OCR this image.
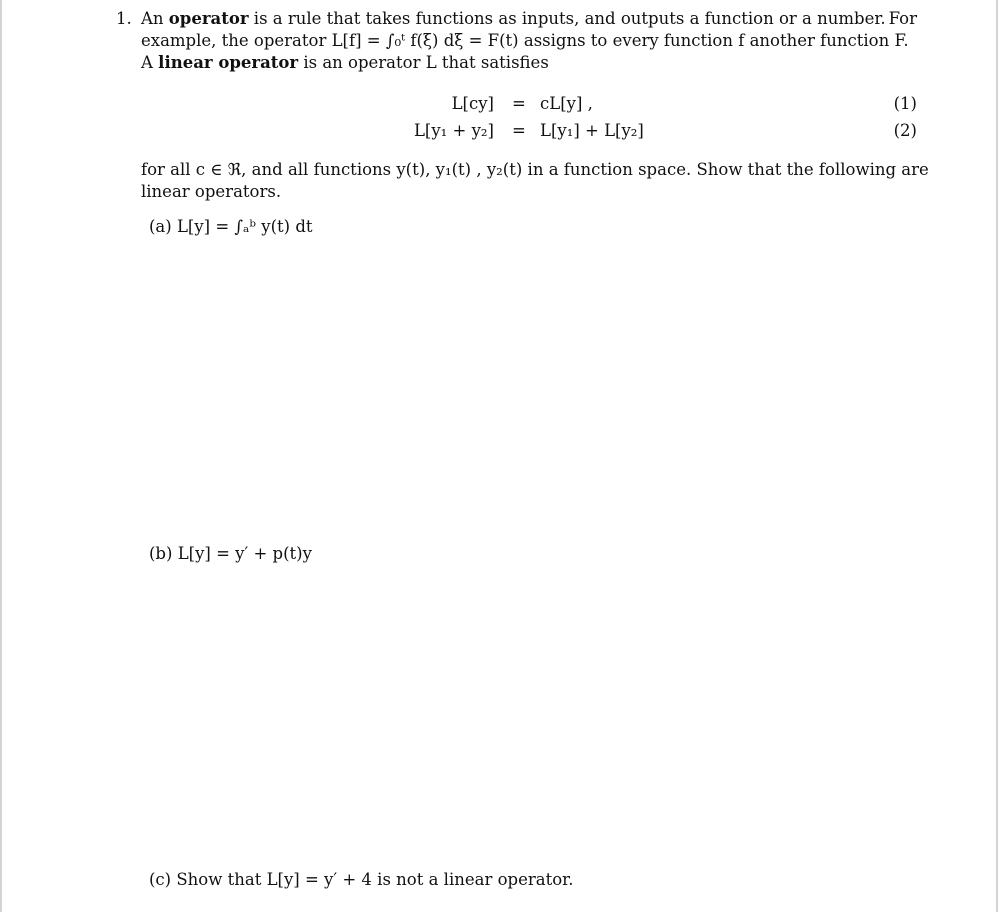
1. An operator is a rule that takes functions as inputs, and outputs a function or a number. For
example, the operator L[f] = ∫₀ᵗ f(ξ) dξ = F(t) assigns to every function f another function F.
A linear operator is an operator L that satisfies
L[cy] = cL[y] ,	(1)
L[y₁ + y₂] = L[y₁] + L[y₂]	(2)
for all c ∈ ℜ, and all functions y(t), y₁(t) , y₂(t) in a function space. Show that the following are
linear operators.
(a) L[y] = ∫ₐᵇ y(t) dt
(b) L[y] = y′ + p(t)y
(c) Show that L[y] = y′ + 4 is not a linear operator.
